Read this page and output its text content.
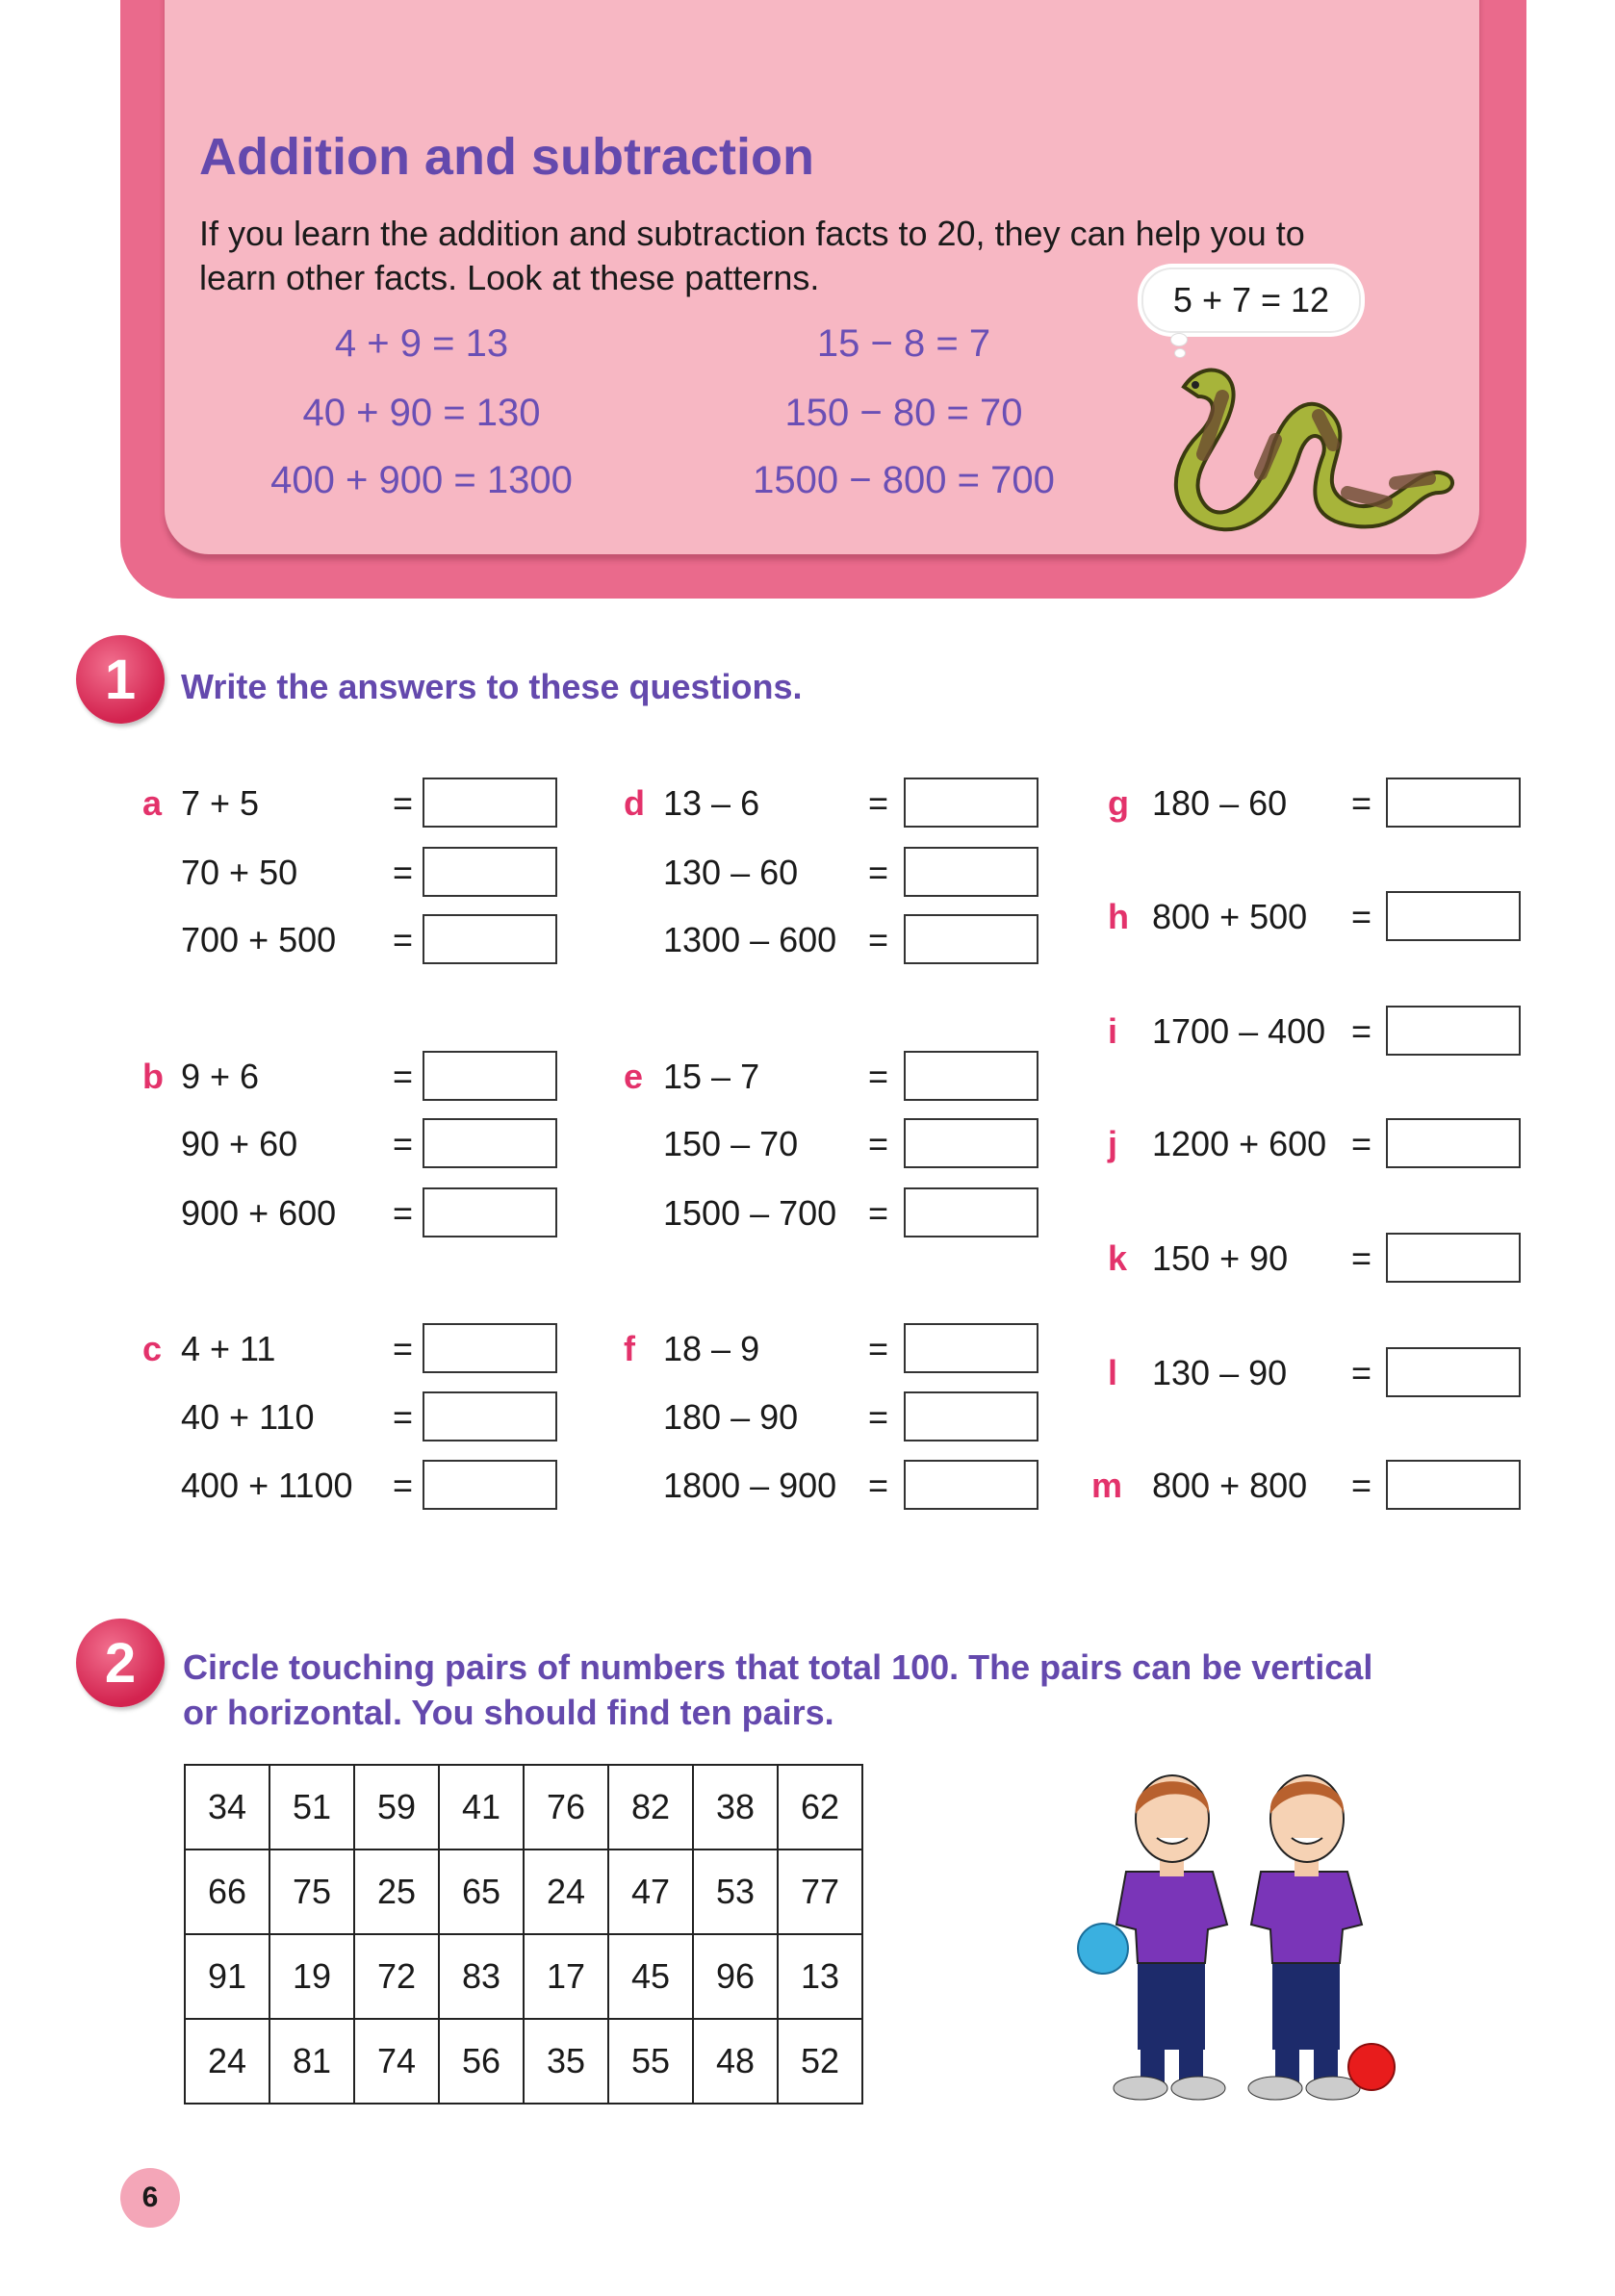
Addition and subtraction
If you learn the addition and subtraction facts to 20, they can help you to
learn other facts. Look at these patterns.
4 + 9 = 13
40 + 90 = 130
400 + 900 = 1300
15 − 8 = 7
150 − 80 = 70
1500 − 800 = 700
5 + 7 = 12
1	Write the answers to these questions.
a 7 + 5	=
70 + 50	=
700 + 500 =
b 9 + 6	=
90 + 60	=
900 + 600 =
c 4 + 11	=
40 + 110 =
400 + 1100 =
d 13 – 6	=
130 – 60 =
1300 – 600 =
e 15 – 7	=
150 – 70 =
1500 – 700 =
f 18 – 9	=
180 – 90 =
1800 – 900 =
g 180 – 60 =
h 800 + 500 =
i 1700 – 400 =
j 1200 + 600 =
k 150 + 90 =
l 130 – 90 =
m 800 + 800 =
2	Circle touching pairs of numbers that total 100. The pairs can be vertical
or horizontal. You should find ten pairs.
34	51	59	41	76	82	38	62
66	75	25	65	24	47	53	77
91	19	72	83	17	45	96	13
24	81	74	56	35	55	48	52
6
